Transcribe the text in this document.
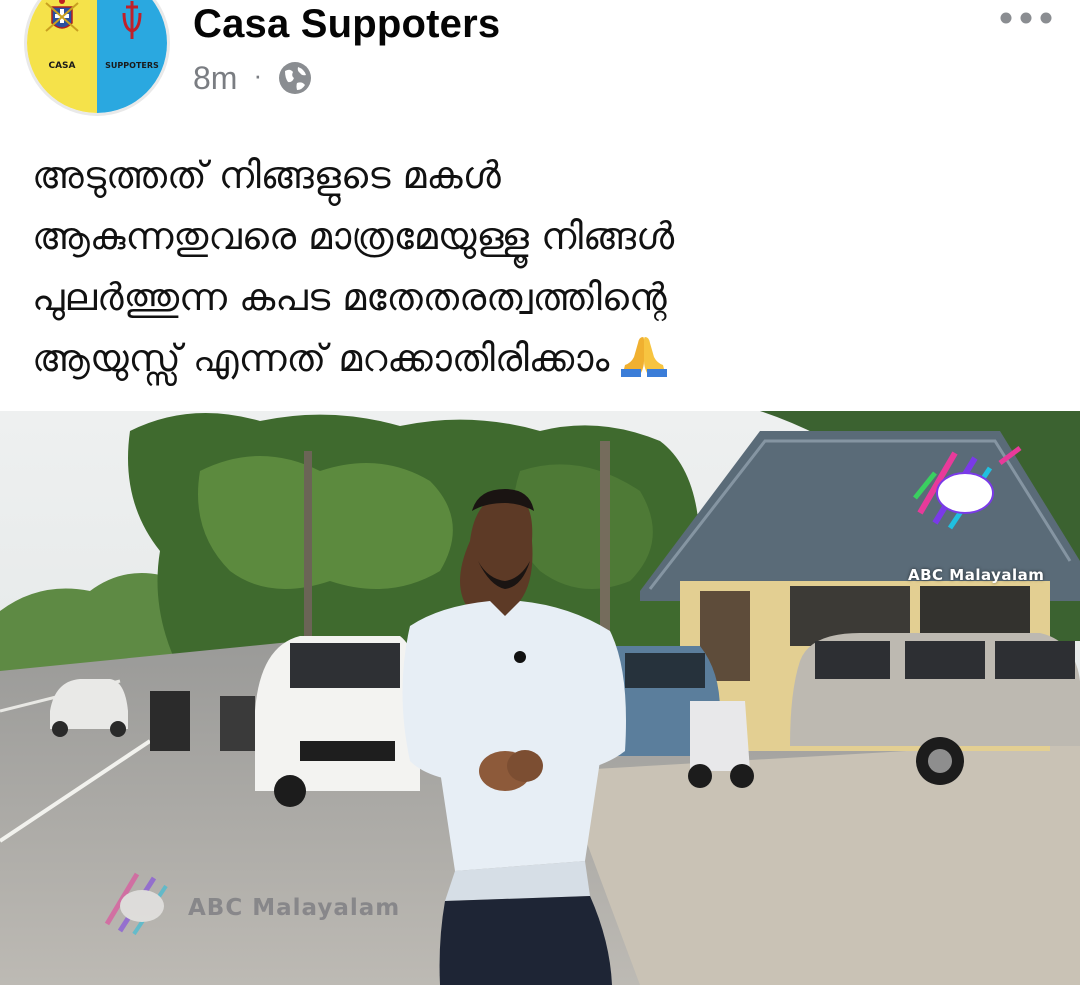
CASA	SUPPOTERS
Casa Suppoters
8m ·
അടുത്തത് നിങ്ങളുടെ മകൾ
ആകുന്നതുവരെ മാത്രമേയുള്ളൂ നിങ്ങൾ
പുലർത്തുന്ന കപട മതേതരത്വത്തിന്റെ
ആയുസ്സ് എന്നത് മറക്കാതിരിക്കാം
ABC Malayalam
ABC Malayalam
